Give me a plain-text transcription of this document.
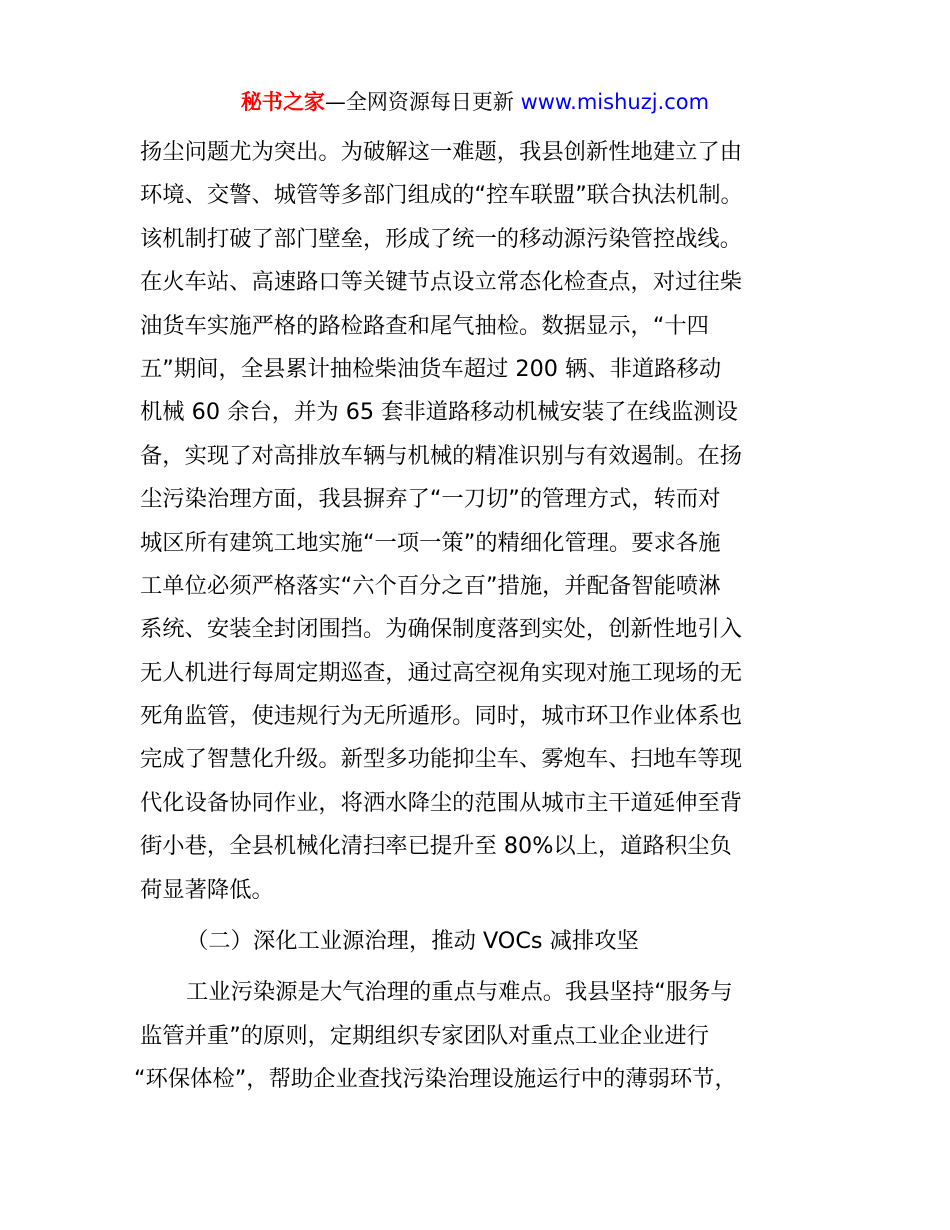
秘书之家—全网资源每日更新 www.mishuzj.com
扬尘问题尤为突出。为破解这一难题，我县创新性地建立了由
环境、交警、城管等多部门组成的“控车联盟”联合执法机制。
该机制打破了部门壁垒，形成了统一的移动源污染管控战线。
在火车站、高速路口等关键节点设立常态化检查点，对过往柴
油货车实施严格的路检路查和尾气抽检。数据显示，“十四
五”期间，全县累计抽检柴油货车超过 200 辆、非道路移动
机械 60 余台，并为 65 套非道路移动机械安装了在线监测设
备，实现了对高排放车辆与机械的精准识别与有效遏制。在扬
尘污染治理方面，我县摒弃了“一刀切”的管理方式，转而对
城区所有建筑工地实施“一项一策”的精细化管理。要求各施
工单位必须严格落实“六个百分之百”措施，并配备智能喷淋
系统、安装全封闭围挡。为确保制度落到实处，创新性地引入
无人机进行每周定期巡查，通过高空视角实现对施工现场的无
死角监管，使违规行为无所遁形。同时，城市环卫作业体系也
完成了智慧化升级。新型多功能抑尘车、雾炮车、扫地车等现
代化设备协同作业，将洒水降尘的范围从城市主干道延伸至背
街小巷，全县机械化清扫率已提升至 80%以上，道路积尘负
荷显著降低。
（二）深化工业源治理，推动 VOCs 减排攻坚
工业污染源是大气治理的重点与难点。我县坚持“服务与
监管并重”的原则，定期组织专家团队对重点工业企业进行
“环保体检”，帮助企业查找污染治理设施运行中的薄弱环节，
